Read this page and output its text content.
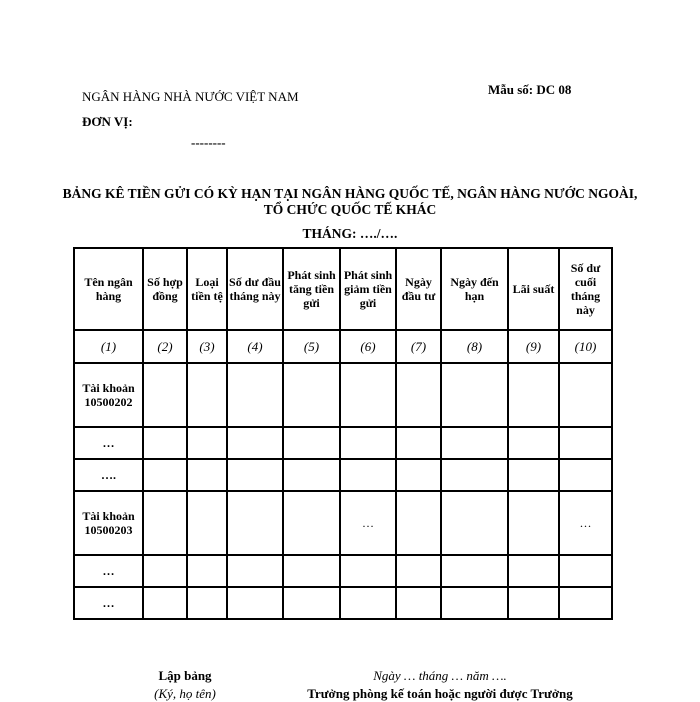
NGÂN HÀNG NHÀ NƯỚC VIỆT NAM
ĐƠN VỊ:
--------
Mẫu số: DC 08
BẢNG KÊ TIỀN GỬI CÓ KỲ HẠN TẠI NGÂN HÀNG QUỐC TẾ, NGÂN HÀNG NƯỚC NGOÀI, TỔ CHỨC QUỐC TẾ KHÁC
THÁNG: …./….
Tên ngân hàng	Số hợp đồng	Loại tiền tệ	Số dư đầu tháng này	Phát sinh tăng tiền gửi	Phát sinh giảm tiền gửi	Ngày đầu tư	Ngày đến hạn	Lãi suất	Số dư cuối tháng này
(1)	(2)	(3)	(4)	(5)	(6)	(7)	(8)	(9)	(10)
Tài khoản 10500202									
…									
….									
Tài khoản 10500203					…				…
…									
…									
Lập bảng
(Ký, họ tên)
Ngày … tháng … năm ….
Trưởng phòng kế toán hoặc người được Trưởng
